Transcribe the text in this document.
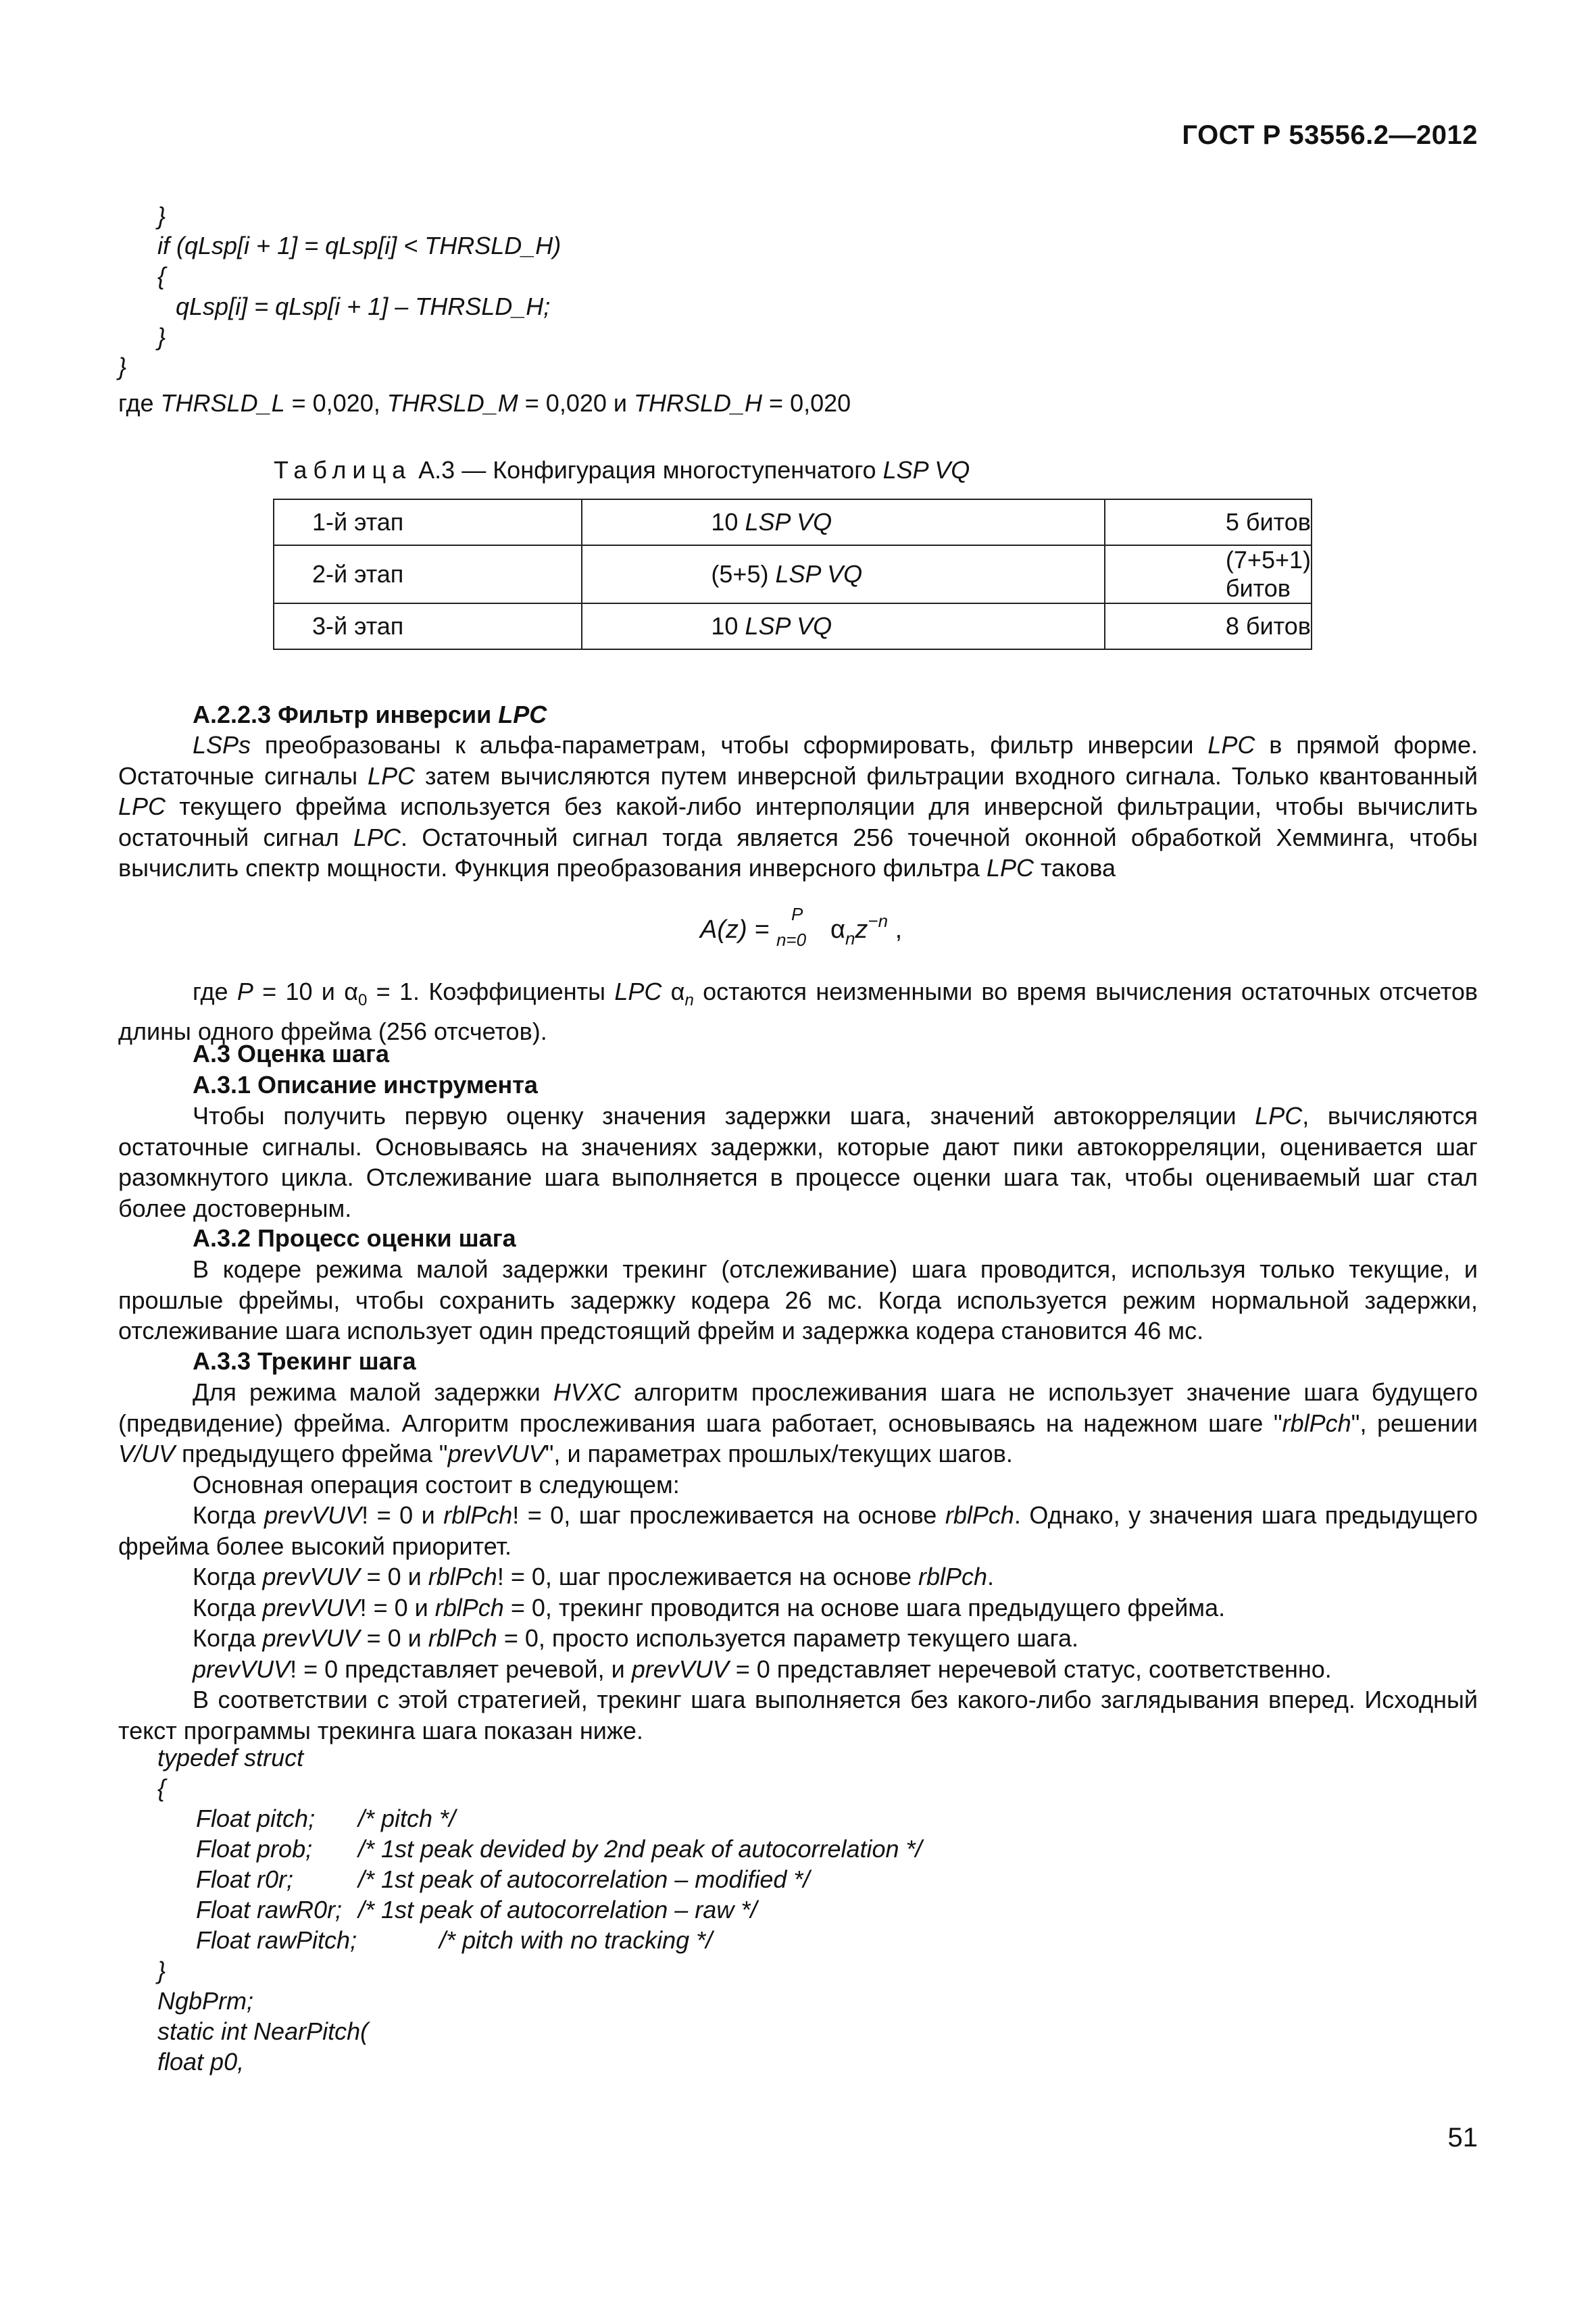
ГОСТ Р 53556.2—2012
}
if (qLsp[i + 1] = qLsp[i] < THRSLD_H)
{
qLsp[i] = qLsp[i + 1] – THRSLD_H;
}
}
где THRSLD_L = 0,020, THRSLD_M = 0,020 и THRSLD_H = 0,020
Таблица А.3 — Конфигурация многоступенчатого LSP VQ
1-й этап	10 LSP VQ	5 битов
2-й этап	(5+5) LSP VQ	(7+5+1) битов
3-й этап	10 LSP VQ	8 битов
А.2.2.3 Фильтр инверсии LPC

LSPs преобразованы к альфа-параметрам, чтобы сформировать, фильтр инверсии LPC в прямой форме. Остаточные сигналы LPC затем вычисляются путем инверсной фильтрации входного сигнала. Только квантованный LPC текущего фрейма используется без какой-либо интерполяции для инверсной фильтрации, чтобы вычислить остаточный сигнал LPC. Остаточный сигнал тогда является 256 точечной оконной обработкой Хемминга, чтобы вычислить спектр мощности. Функция преобразования инверсного фильтра LPC такова

A(z) =
P
n=0 $\alpha_nz^{-n}$ ,

где P = 10 и $\alpha_0 = 1$. Коэффициенты LPC $\alpha_n$ остаются неизменными во время вычисления остаточных отсчетов длины одного фрейма (256 отсчетов).

А.3 Оценка шага
А.3.1 Описание инструмента

Чтобы получить первую оценку значения задержки шага, значений автокорреляции LPC, вычисляются остаточные сигналы. Основываясь на значениях задержки, которые дают пики автокорреляции, оценивается шаг разомкнутого цикла. Отслеживание шага выполняется в процессе оценки шага так, чтобы оцениваемый шаг стал более достоверным.

А.3.2 Процесс оценки шага

В кодере режима малой задержки трекинг (отслеживание) шага проводится, используя только текущие, и прошлые фреймы, чтобы сохранить задержку кодера 26 мс. Когда используется режим нормальной задержки, отслеживание шага использует один предстоящий фрейм и задержка кодера становится 46 мс.

А.3.3 Трекинг шага

Для режима малой задержки HVXC алгоритм прослеживания шага не использует значение шага будущего (предвидение) фрейма. Алгоритм прослеживания шага работает, основываясь на надежном шаге "rblPch", решении V/UV предыдущего фрейма "prevVUV", и параметрах прошлых/текущих шагов.

Основная операция состоит в следующем:

Когда prevVUV! = 0 и rblPch! = 0, шаг прослеживается на основе rblPch. Однако, у значения шага предыдущего фрейма более высокий приоритет.

Когда prevVUV = 0 и rblPch! = 0, шаг прослеживается на основе rblPch.

Когда prevVUV! = 0 и rblPch = 0, трекинг проводится на основе шага предыдущего фрейма.

Когда prevVUV = 0 и rblPch = 0, просто используется параметр текущего шага.

prevVUV! = 0 представляет речевой, и prevVUV = 0 представляет неречевой статус, соответственно.

В соответствии с этой стратегией, трекинг шага выполняется без какого-либо заглядывания вперед. Исходный текст программы трекинга шага показан ниже.

typedef struct
{
Float pitch; /* pitch */
Float prob; /* 1st peak devided by 2nd peak of autocorrelation */
Float r0r;	/* 1st peak of autocorrelation – modified */
Float rawR0r; /* 1st peak of autocorrelation – raw */
Float rawPitch;	/* pitch with no tracking */
}
NgbPrm;
static int NearPitch(
float p0,
51
